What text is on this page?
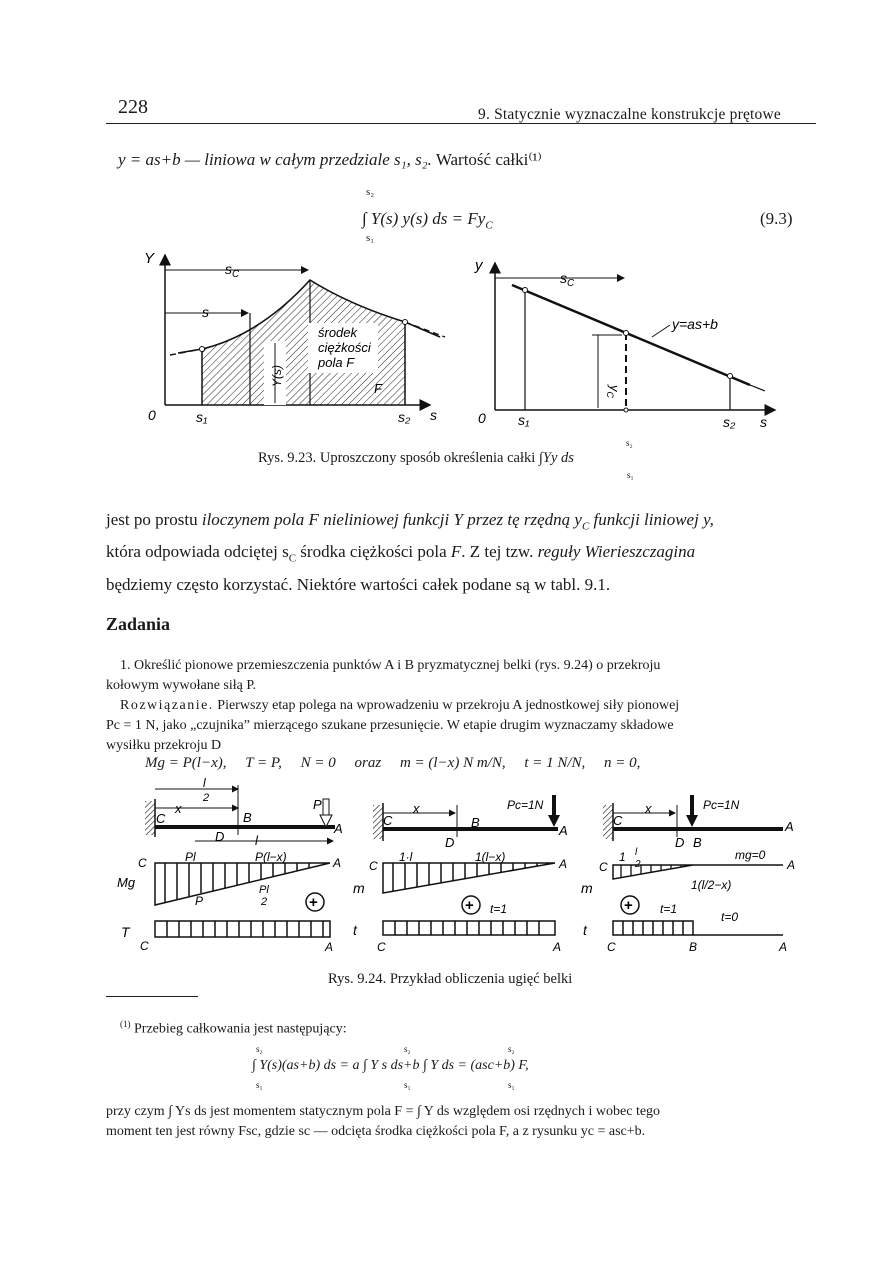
228	9. Statycznie wyznaczalne konstrukcje prętowe
y = as+b — liniowa w całym przedziale s₁, s₂. Wartość całki⁽¹⁾
s₂
∫ Y(s) y(s) ds = $Fy_C$
s₁
(9.3)
Y
$s_C$
s
Y(s)
środek
ciężkości
pola F
F
0	s₁	s₂ s
y
$s_C$
y=as+b
$y_C$
0 s₁	s₂ s
s₂
Rys. 9.23. Uproszczony sposób określenia całki ∫Yy ds
s₁
jest po prostu iloczynem pola F nieliniowej funkcji Y przez tę rzędną $y_C$ funkcji liniowej y,
która odpowiada odciętej $s_C$ środka ciężkości pola F. Z tej tzw. reguły Wierieszczagina
będziemy często korzystać. Niektóre wartości całek podane są w tabl. 9.1.
Zadania
1. Określić pionowe przemieszczenia punktów A i B pryzmatycznej belki (rys. 9.24) o przekroju
kołowym wywołane siłą P.
Rozwiązanie. Pierwszy etap polega na wprowadzeniu w przekroju A jednostkowej siły pionowej
Pc = 1 N, jako „czujnika” mierzącego szukane przesunięcie. W etapie drugim wyznaczamy składowe
wysiłku przekroju D
Mg = P(l−x),     T = P,     N = 0     oraz     m = (l−x) N m/N,     t = 1 N/N,     n = 0,
l
2
x	P
C	B
A
D l
C	A
Mg
Pl	P(l−x)
Pl
2
P	+
T
C	A
x	Pc=1N
C	B
A
D
C	A
m
1·l	1(l−x)
+ t=1
t
C	A
x	Pc=1N
C	A
D B
C	A
m
1 l
2
mg=0
1(l/2−x)
+ t=1
t=0
t
C	B	A
Rys. 9.24. Przykład obliczenia ugięć belki
$^{(1)}$ Przebieg całkowania jest następujący:
s₂
s₁
s₂
s₁
s₂
s₁
∫ Y(s)(as+b) ds = a ∫ Y s ds+b ∫ Y ds = (asc+b) F,
przy czym ∫ Ys ds jest momentem statycznym pola F = ∫ Y ds względem osi rzędnych i wobec tego
moment ten jest równy Fsc, gdzie sc — odcięta środka ciężkości pola F, a z rysunku yc = asc+b.
